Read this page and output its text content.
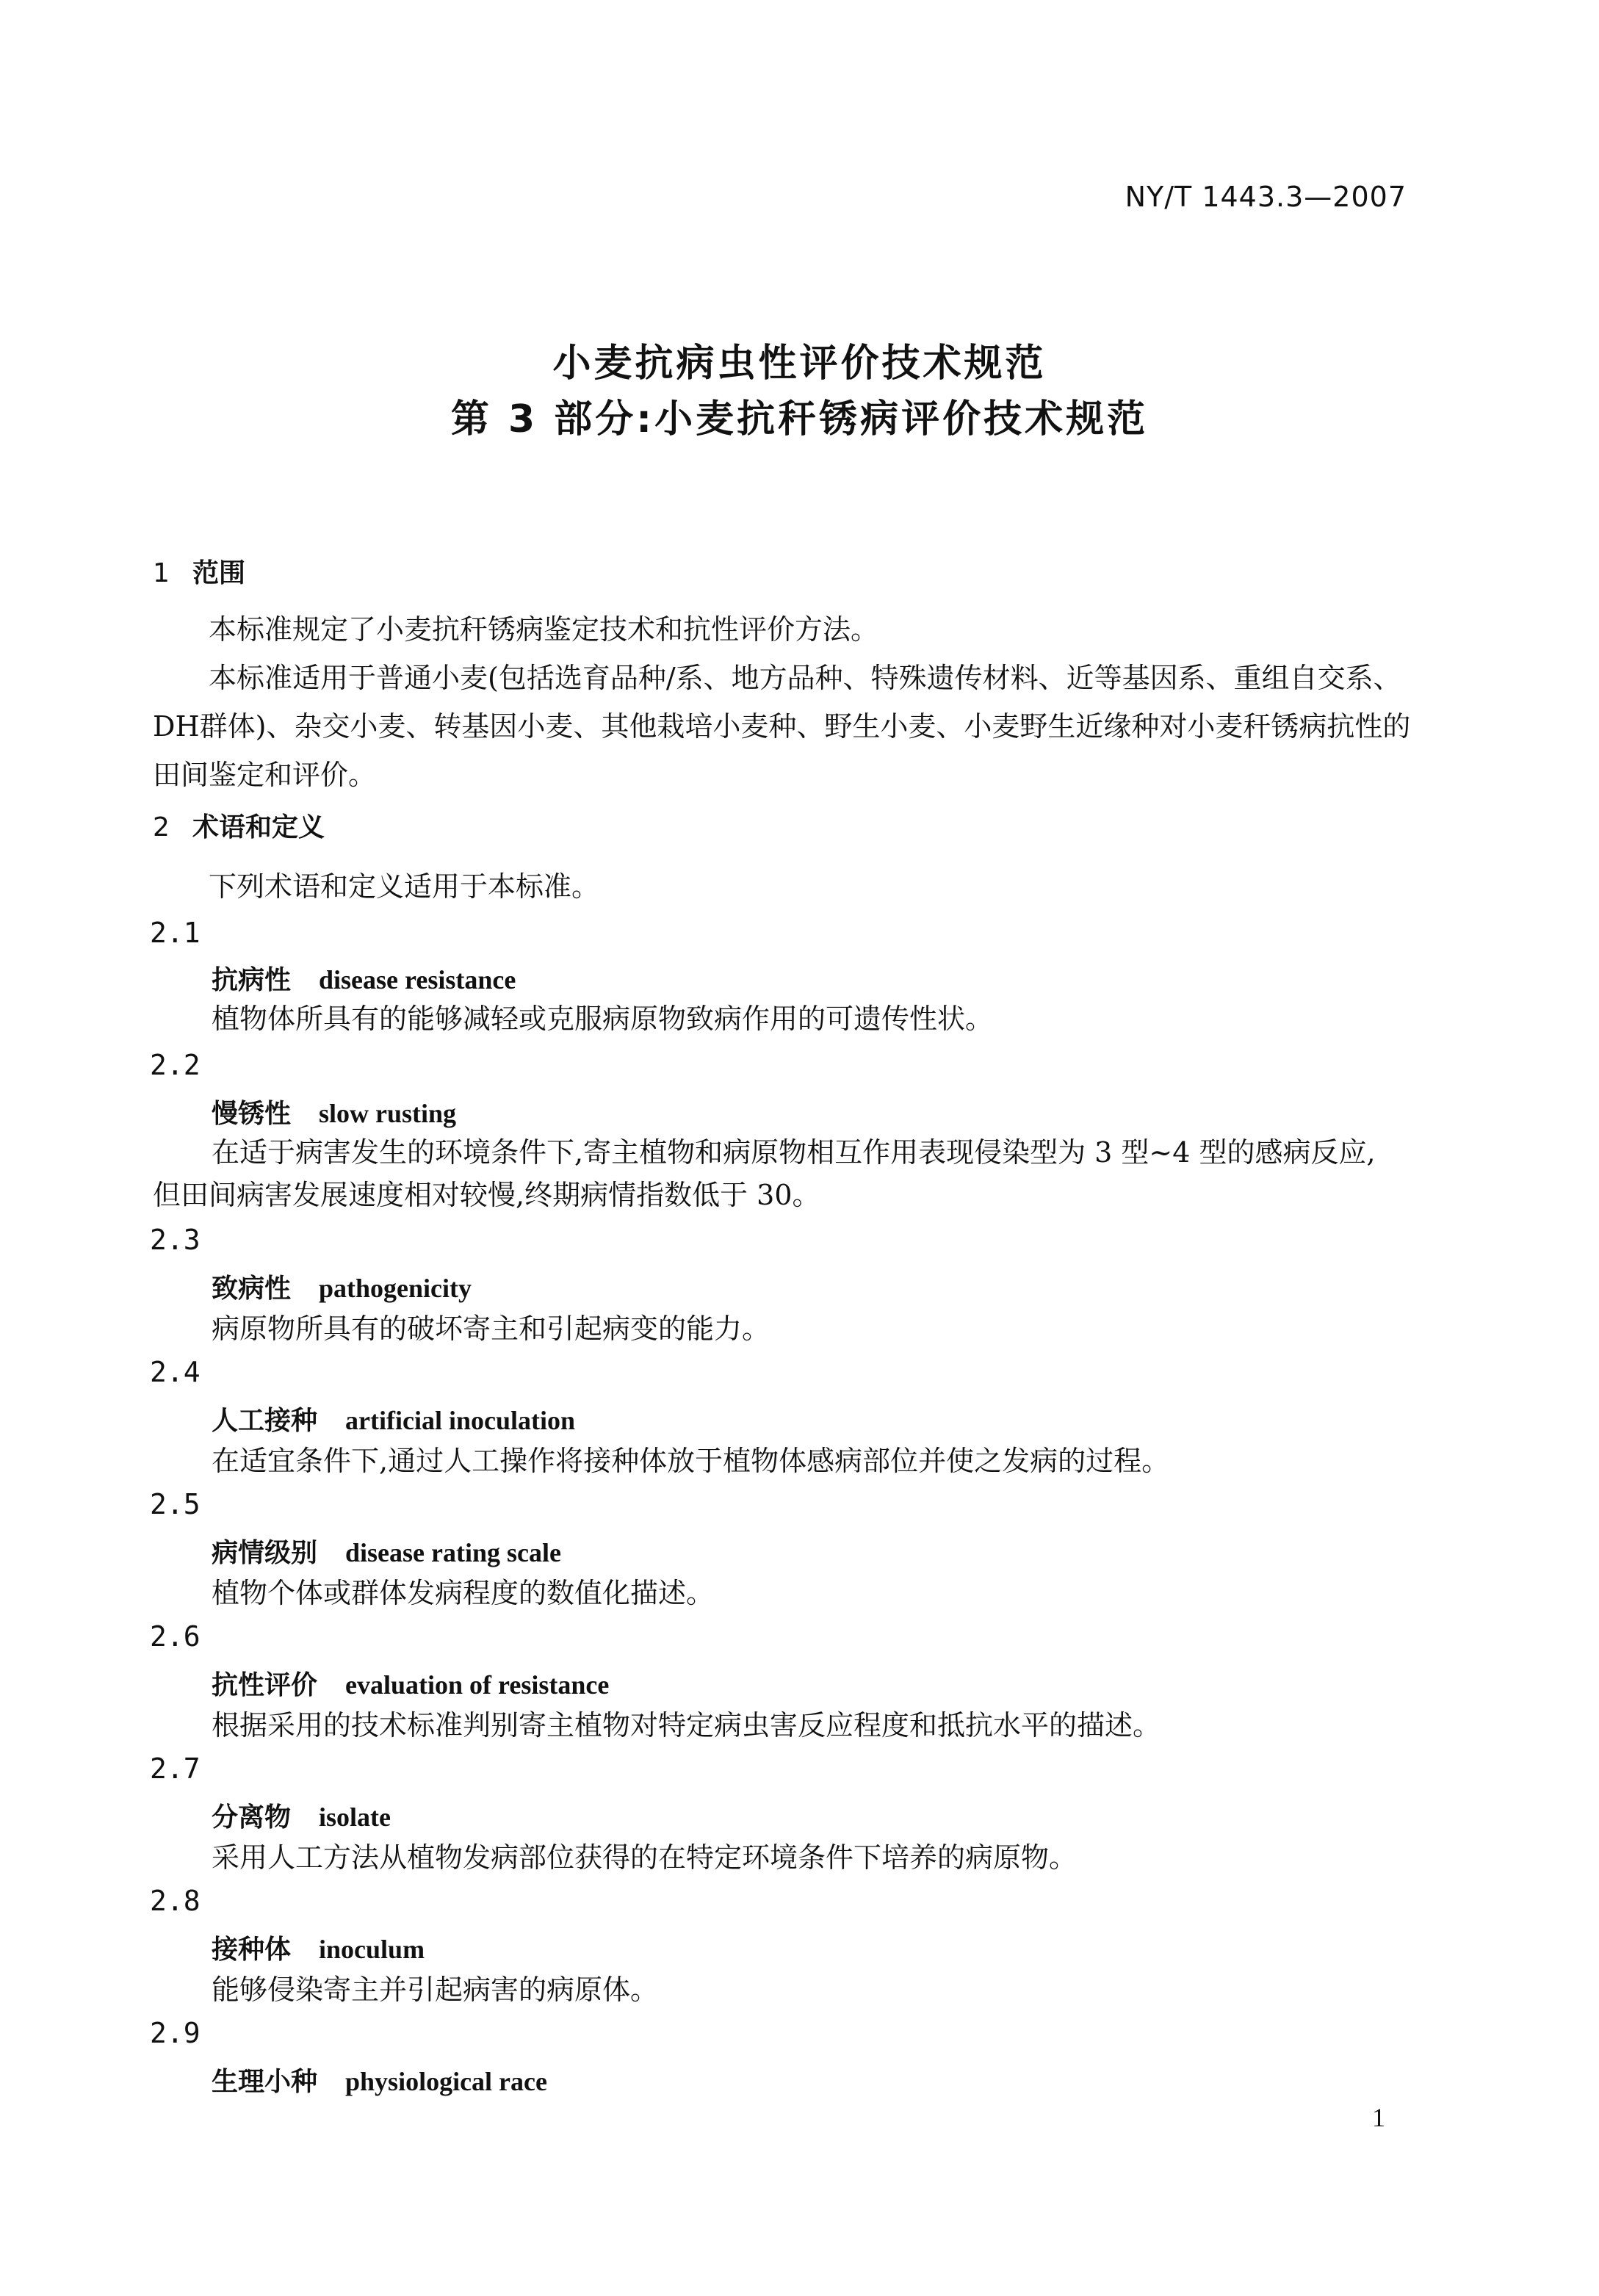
NY/T 1443.3—2007
小麦抗病虫性评价技术规范
第 3 部分:小麦抗秆锈病评价技术规范
1 范围
本标准规定了小麦抗秆锈病鉴定技术和抗性评价方法。
本标准适用于普通小麦(包括选育品种/系、地方品种、特殊遗传材料、近等基因系、重组自交系、DH群体)、杂交小麦、转基因小麦、其他栽培小麦种、野生小麦、小麦野生近缘种对小麦秆锈病抗性的田间鉴定和评价。
2 术语和定义
下列术语和定义适用于本标准。
2.1
抗病性 disease resistance
植物体所具有的能够减轻或克服病原物致病作用的可遗传性状。
2.2
慢锈性 slow rusting
在适于病害发生的环境条件下,寄主植物和病原物相互作用表现侵染型为 3 型~4 型的感病反应,
但田间病害发展速度相对较慢,终期病情指数低于 30。
2.3
致病性 pathogenicity
病原物所具有的破坏寄主和引起病变的能力。
2.4
人工接种 artificial inoculation
在适宜条件下,通过人工操作将接种体放于植物体感病部位并使之发病的过程。
2.5
病情级别 disease rating scale
植物个体或群体发病程度的数值化描述。
2.6
抗性评价 evaluation of resistance
根据采用的技术标准判别寄主植物对特定病虫害反应程度和抵抗水平的描述。
2.7
分离物 isolate
采用人工方法从植物发病部位获得的在特定环境条件下培养的病原物。
2.8
接种体 inoculum
能够侵染寄主并引起病害的病原体。
2.9
生理小种 physiological race
1
